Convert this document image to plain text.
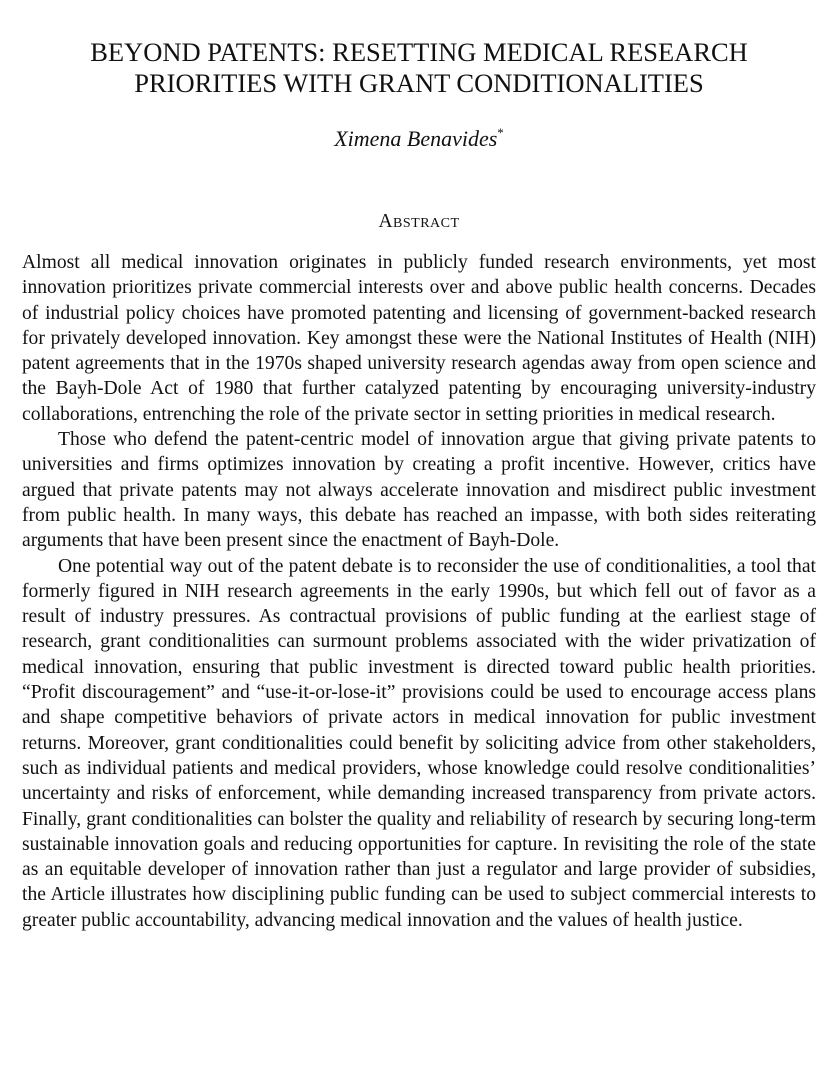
BEYOND PATENTS: RESETTING MEDICAL RESEARCH
PRIORITIES WITH GRANT CONDITIONALITIES
Ximena Benavides*
Abstract

Almost all medical innovation originates in publicly funded research environments, yet most innovation prioritizes private commercial interests over and above public health concerns. Decades of industrial policy choices have promoted patenting and licensing of government-backed research for privately developed innovation. Key amongst these were the National Institutes of Health (NIH) patent agreements that in the 1970s shaped university research agendas away from open science and the Bayh-Dole Act of 1980 that further catalyzed patenting by encouraging university-industry collaborations, entrenching the role of the private sector in setting priorities in medical research.

Those who defend the patent-centric model of innovation argue that giving private patents to universities and firms optimizes innovation by creating a profit incentive. However, critics have argued that private patents may not always accelerate innovation and misdirect public investment from public health. In many ways, this debate has reached an impasse, with both sides reiterating arguments that have been present since the enactment of Bayh-Dole.

One potential way out of the patent debate is to reconsider the use of conditionalities, a tool that formerly figured in NIH research agreements in the early 1990s, but which fell out of favor as a result of industry pressures. As contractual provisions of public funding at the earliest stage of research, grant conditionalities can surmount problems associated with the wider privatization of medical innovation, ensuring that public investment is directed toward public health priorities. “Profit discouragement” and “use-it-or-lose-it” provisions could be used to encourage access plans and shape competitive behaviors of private actors in medical innovation for public investment returns. Moreover, grant conditionalities could benefit by soliciting advice from other stakeholders, such as individual patients and medical providers, whose knowledge could resolve conditionalities’ uncertainty and risks of enforcement, while demanding increased transparency from private actors. Finally, grant conditionalities can bolster the quality and reliability of research by securing long-term sustainable innovation goals and reducing opportunities for capture. In revisiting the role of the state as an equitable developer of innovation rather than just a regulator and large provider of subsidies, the Article illustrates how disciplining public funding can be used to subject commercial interests to greater public accountability, advancing medical innovation and the values of health justice.
